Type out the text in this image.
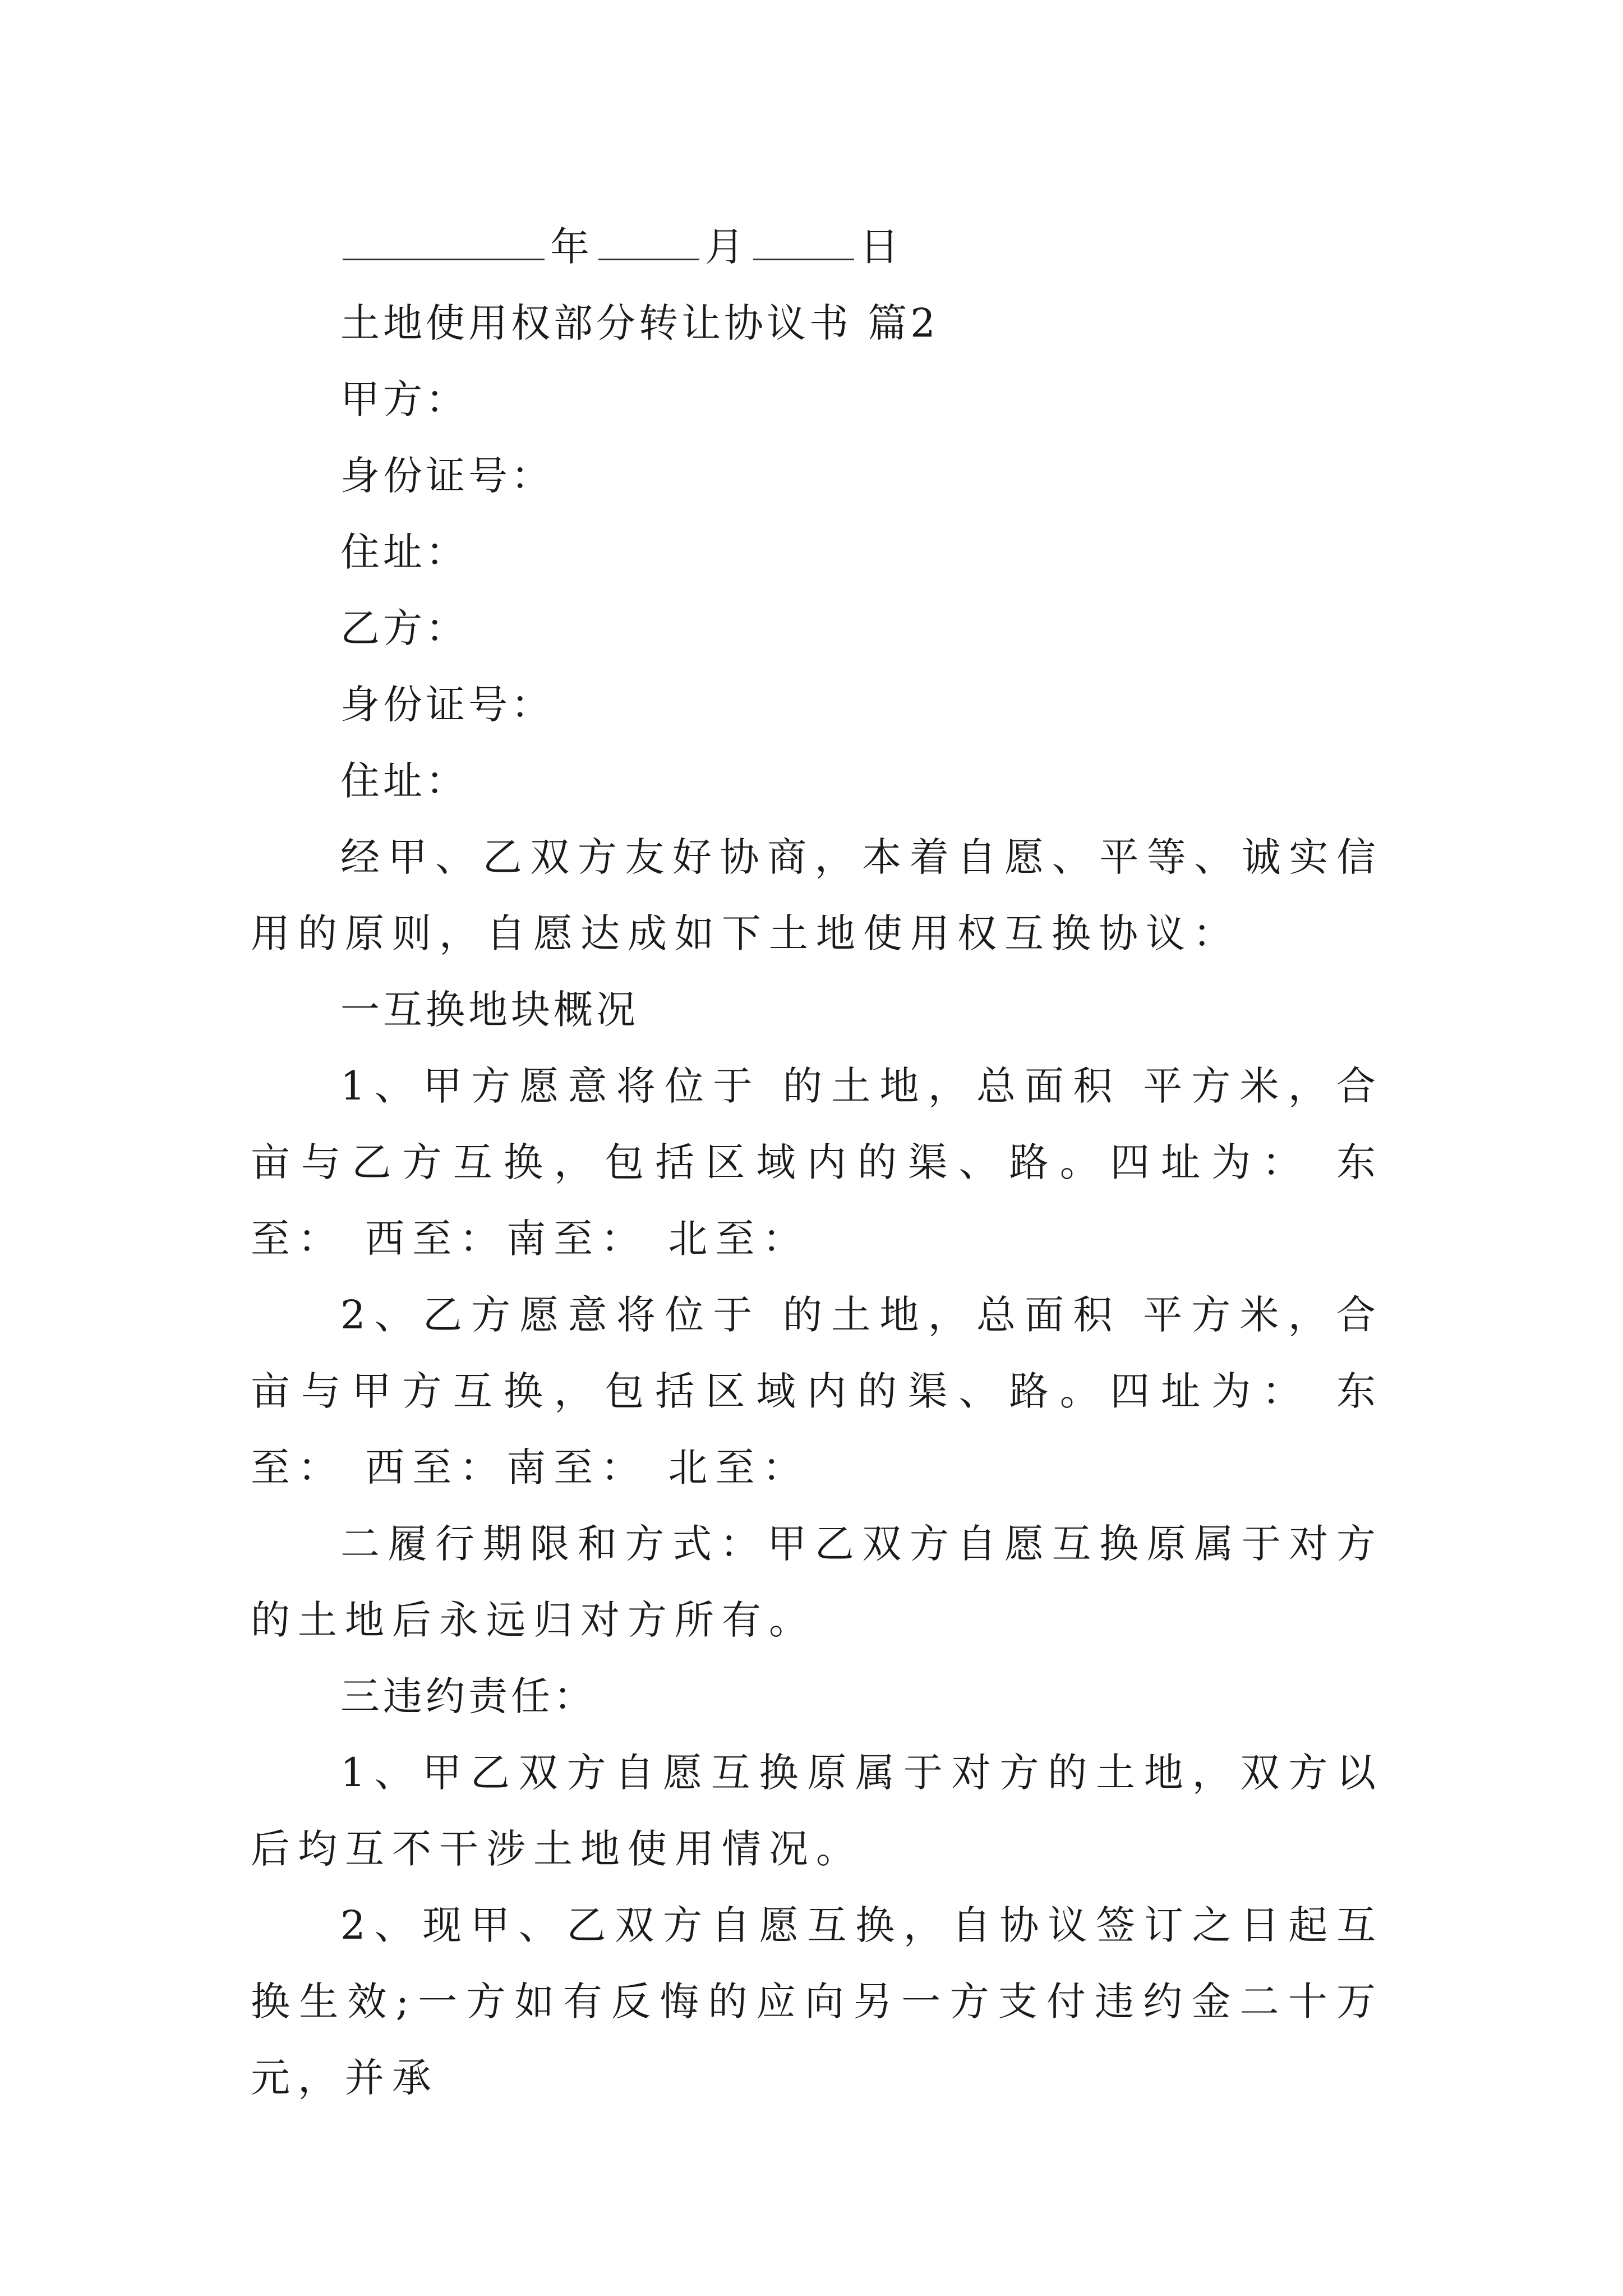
年	月	日
土地使用权部分转让协议书 篇2
甲方：
身份证号：
住址：
乙方：
身份证号：
住址：
经甲、乙双方友好协商，本着自愿、平等、诚实信用的原则，自愿达成如下土地使用权互换协议：
一互换地块概况
1、甲方愿意将位于 的土地，总面积 平方米，合 亩与乙方互换，包括区域内的渠、路。四址为： 东至： 西至：南至： 北至：
2、乙方愿意将位于 的土地，总面积 平方米，合 亩与甲方互换，包括区域内的渠、路。四址为： 东至： 西至：南至： 北至：
二履行期限和方式：甲乙双方自愿互换原属于对方的土地后永远归对方所有。
三违约责任：
1、甲乙双方自愿互换原属于对方的土地，双方以后均互不干涉土地使用情况。
2、现甲、乙双方自愿互换，自协议签订之日起互换生效;一方如有反悔的应向另一方支付违约金二十万元，并承
